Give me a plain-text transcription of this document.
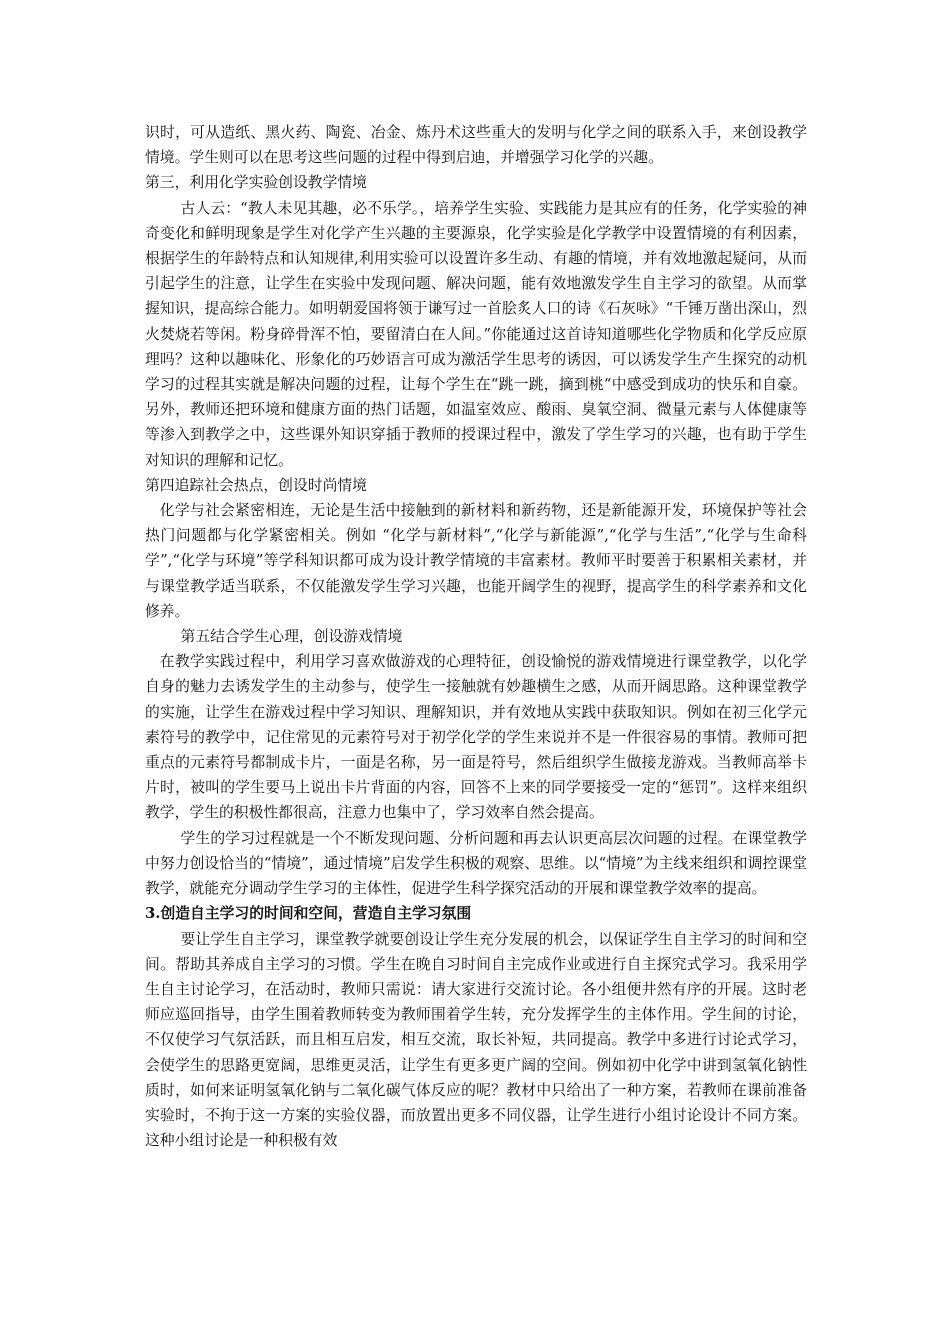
识时，可从造纸、黑火药、陶瓷、冶金、炼丹术这些重大的发明与化学之间的联系入手，来创设教学情境。学生则可以在思考这些问题的过程中得到启迪，并增强学习化学的兴趣。

第三，利用化学实验创设教学情境

古人云：“教人未见其趣，必不乐学。，培养学生实验、实践能力是其应有的任务，化学实验的神奇变化和鲜明现象是学生对化学产生兴趣的主要源泉，化学实验是化学教学中设置情境的有利因素，根据学生的年龄特点和认知规律,利用实验可以设置许多生动、有趣的情境，并有效地激起疑问，从而引起学生的注意，让学生在实验中发现问题、解决问题，能有效地激发学生自主学习的欲望。从而掌握知识，提高综合能力。如明朝爱国将领于谦写过一首脍炙人口的诗《石灰咏》“千锤万凿出深山，烈火焚烧若等闲。粉身碎骨浑不怕，要留清白在人间。”你能通过这首诗知道哪些化学物质和化学反应原理吗？这种以趣味化、形象化的巧妙语言可成为激活学生思考的诱因，可以诱发学生产生探究的动机学习的过程其实就是解决问题的过程，让每个学生在“跳一跳，摘到桃“中感受到成功的快乐和自豪。另外，教师还把环境和健康方面的热门话题，如温室效应、酸雨、臭氧空洞、微量元素与人体健康等等渗入到教学之中，这些课外知识穿插于教师的授课过程中，激发了学生学习的兴趣，也有助于学生对知识的理解和记忆。

第四追踪社会热点，创设时尚情境

化学与社会紧密相连，无论是生活中接触到的新材料和新药物，还是新能源开发，环境保护等社会热门问题都与化学紧密相关。例如 “化学与新材料”,“化学与新能源”,“化学与生活”,“化学与生命科学”,“化学与环境”等学科知识都可成为设计教学情境的丰富素材。教师平时要善于积累相关素材，并与课堂教学适当联系，不仅能激发学生学习兴趣，也能开阔学生的视野，提高学生的科学素养和文化修养。

第五结合学生心理，创设游戏情境

在教学实践过程中，利用学习喜欢做游戏的心理特征，创设愉悦的游戏情境进行课堂教学，以化学自身的魅力去诱发学生的主动参与，使学生一接触就有妙趣横生之感，从而开阔思路。这种课堂教学的实施，让学生在游戏过程中学习知识、理解知识，并有效地从实践中获取知识。例如在初三化学元素符号的教学中，记住常见的元素符号对于初学化学的学生来说并不是一件很容易的事情。教师可把重点的元素符号都制成卡片，一面是名称，另一面是符号，然后组织学生做接龙游戏。当教师高举卡片时，被叫的学生要马上说出卡片背面的内容，回答不上来的同学要接受一定的“惩罚”。这样来组织教学，学生的积极性都很高，注意力也集中了，学习效率自然会提高。

学生的学习过程就是一个不断发现问题、分析问题和再去认识更高层次问题的过程。在课堂教学中努力创设恰当的“情境”，通过情境”启发学生积极的观察、思维。以“情境”为主线来组织和调控课堂教学，就能充分调动学生学习的主体性，促进学生科学探究活动的开展和课堂教学效率的提高。

3.创造自主学习的时间和空间，营造自主学习氛围

要让学生自主学习，课堂教学就要创设让学生充分发展的机会，以保证学生自主学习的时间和空间。帮助其养成自主学习的习惯。学生在晚自习时间自主完成作业或进行自主探究式学习。我采用学生自主讨论学习，在活动时，教师只需说：请大家进行交流讨论。各小组便井然有序的开展。这时老师应巡回指导，由学生围着教师转变为教师围着学生转，充分发挥学生的主体作用。学生间的讨论，不仅使学习气氛活跃，而且相互启发，相互交流，取长补短，共同提高。教学中多进行讨论式学习，会使学生的思路更宽阔，思维更灵活，让学生有更多更广阔的空间。例如初中化学中讲到氢氧化钠性质时，如何来证明氢氧化钠与二氧化碳气体反应的呢？教材中只给出了一种方案，若教师在课前准备实验时，不拘于这一方案的实验仪器，而放置出更多不同仪器，让学生进行小组讨论设计不同方案。这种小组讨论是一种积极有效
